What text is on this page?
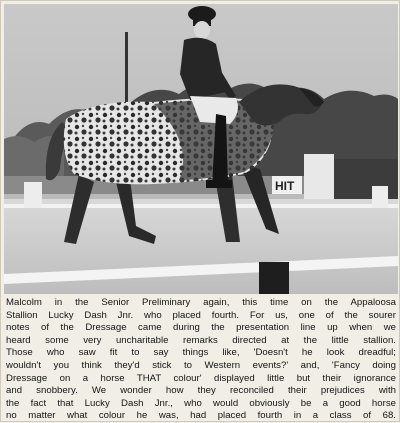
HIT

Malcolm in the Senior Preliminary again, this time on the Appaloosa
Stallion Lucky Dash Jnr. who placed fourth. For us, one of the sourer
notes of the Dressage came during the presentation line up when we
heard some very uncharitable remarks directed at the little stallion.
Those who saw fit to say things like, 'Doesn't he look dreadful;
wouldn't you think they'd stick to Western events?' and, 'Fancy doing
Dressage on a horse THAT colour' displayed little but their ignorance
and snobbery. We wonder how they reconciled their prejudices with
the fact that Lucky Dash Jnr., who would obviously be a good horse
no matter what colour he was, had placed fourth in a class of 68.
